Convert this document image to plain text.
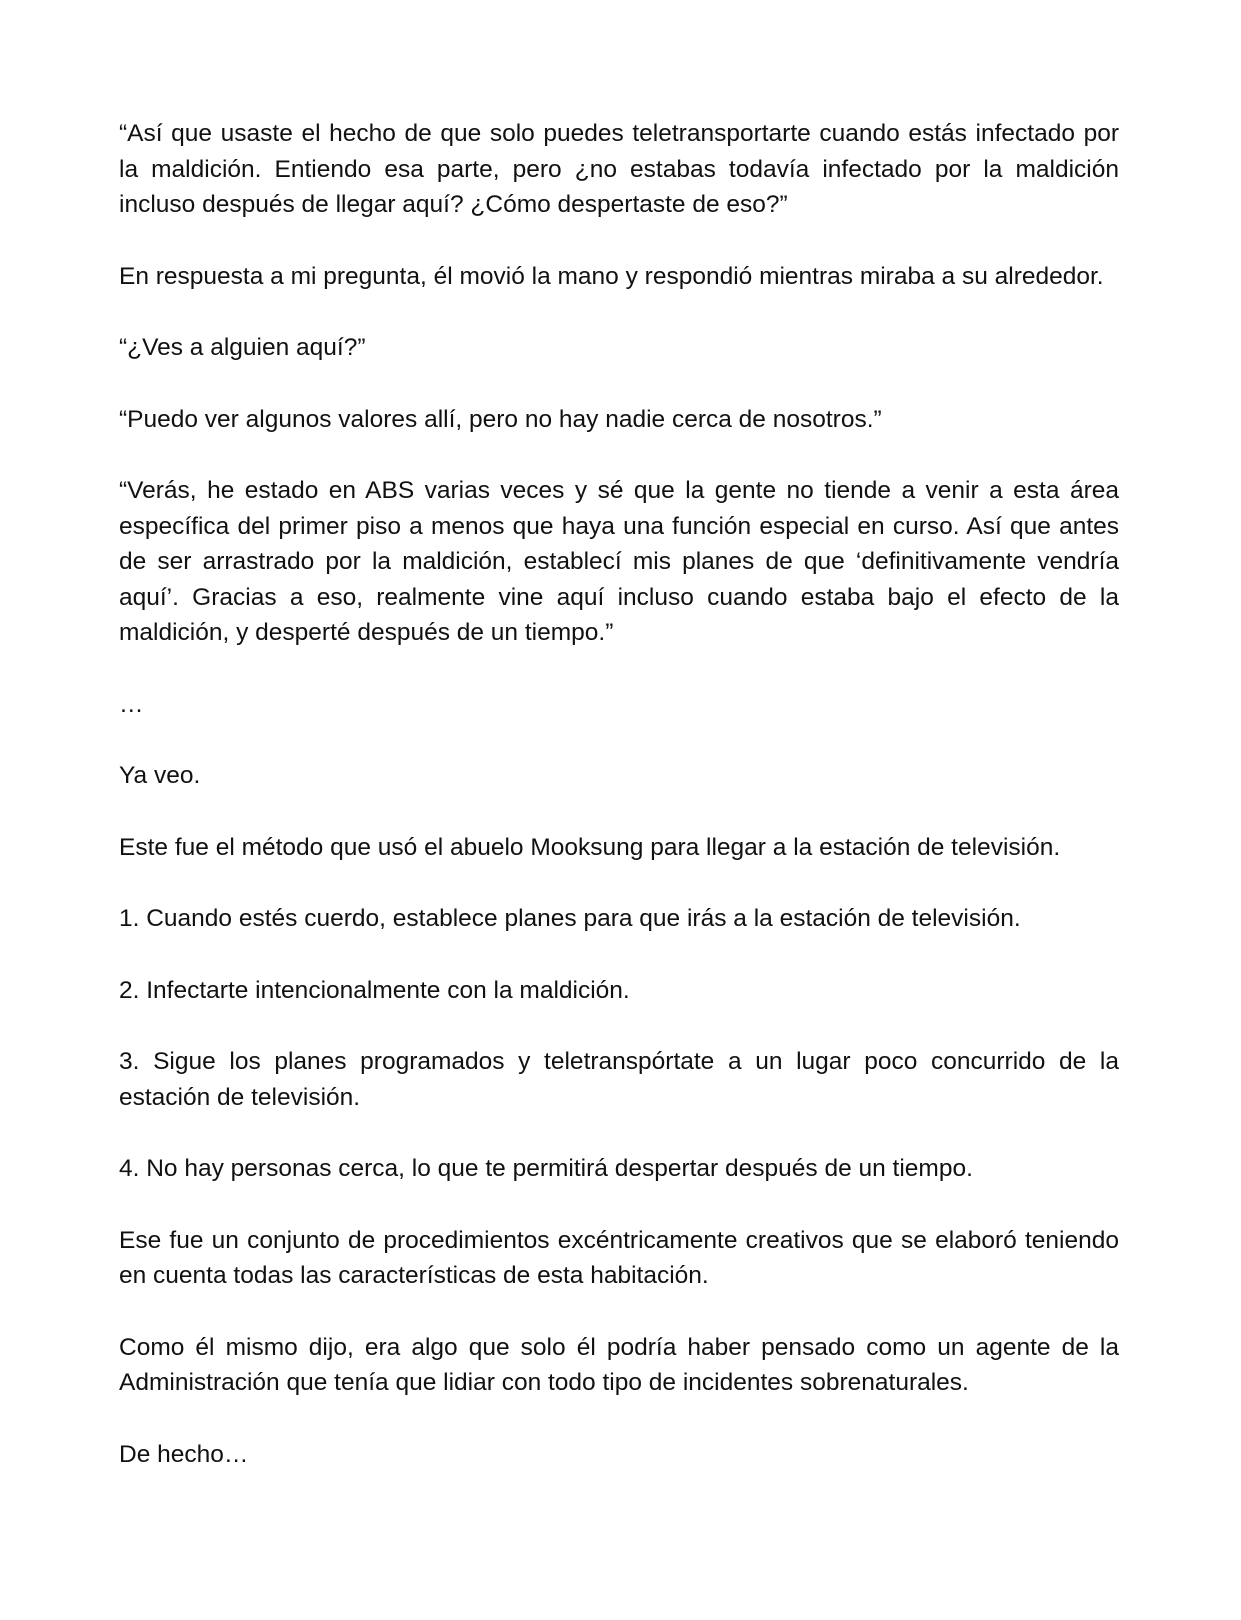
“Así que usaste el hecho de que solo puedes teletransportarte cuando estás infectado por la maldición. Entiendo esa parte, pero ¿no estabas todavía infectado por la maldición incluso después de llegar aquí? ¿Cómo despertaste de eso?”

En respuesta a mi pregunta, él movió la mano y respondió mientras miraba a su alrededor.

“¿Ves a alguien aquí?”

“Puedo ver algunos valores allí, pero no hay nadie cerca de nosotros.”

“Verás, he estado en ABS varias veces y sé que la gente no tiende a venir a esta área específica del primer piso a menos que haya una función especial en curso. Así que antes de ser arrastrado por la maldición, establecí mis planes de que ‘definitivamente vendría aquí’. Gracias a eso, realmente vine aquí incluso cuando estaba bajo el efecto de la maldición, y desperté después de un tiempo.”

…

Ya veo.

Este fue el método que usó el abuelo Mooksung para llegar a la estación de televisión.

1. Cuando estés cuerdo, establece planes para que irás a la estación de televisión.

2. Infectarte intencionalmente con la maldición.

3. Sigue los planes programados y teletranspórtate a un lugar poco concurrido de la estación de televisión.

4. No hay personas cerca, lo que te permitirá despertar después de un tiempo.

Ese fue un conjunto de procedimientos excéntricamente creativos que se elaboró teniendo en cuenta todas las características de esta habitación.

Como él mismo dijo, era algo que solo él podría haber pensado como un agente de la Administración que tenía que lidiar con todo tipo de incidentes sobrenaturales.

De hecho…
